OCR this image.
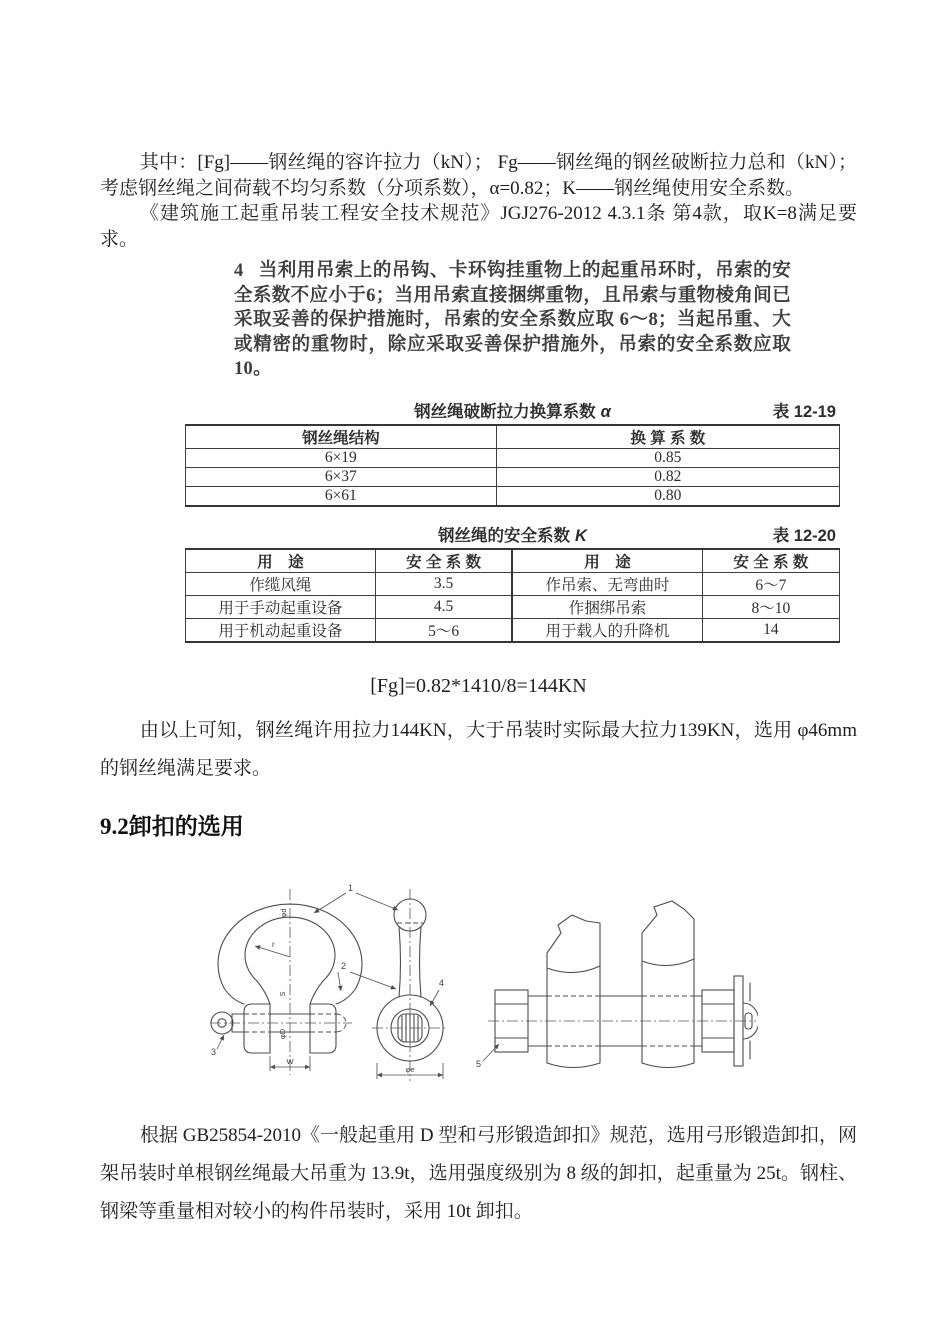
其中：[Fg]——钢丝绳的容许拉力（kN）； Fg——钢丝绳的钢丝破断拉力总和（kN）；考虑钢丝绳之间荷载不均匀系数（分项系数），α=0.82；K——钢丝绳使用安全系数。

《建筑施工起重吊装工程安全技术规范》JGJ276-2012 4.3.1条 第4款，取K=8满足要求。

4 当利用吊索上的吊钩、卡环钩挂重物上的起重吊环时，吊索的安全系数不应小于6；当用吊索直接捆绑重物，且吊索与重物棱角间已采取妥善的保护措施时，吊索的安全系数应取 6～8；当起吊重、大或精密的重物时，除应采取妥善保护措施外，吊索的安全系数应取 10。
钢丝绳破断拉力换算系数 α	表 12-19
钢丝绳结构	换 算 系 数
6×19	0.85
6×37	0.82
6×61	0.80
钢丝绳的安全系数 K	表 12-20
用　途	安 全 系 数	用　途	安 全 系 数
作缆风绳	3.5	作吊索、无弯曲时	6～7
用于手动起重设备	4.5	作捆绑吊索	8～10
用于机动起重设备	5～6	用于载人的升降机	14
[Fg]=0.82*1410/8=144KN

由以上可知，钢丝绳许用拉力144KN，大于吊装时实际最大拉力139KN，选用 φ46mm 的钢丝绳满足要求。

9.2卸扣的选用
r
φd
S
φD
W
φe
1
2
3
4
5

根据 GB25854-2010《一般起重用 D 型和弓形锻造卸扣》规范，选用弓形锻造卸扣，网架吊装时单根钢丝绳最大吊重为 13.9t，选用强度级别为 8 级的卸扣，起重量为 25t。钢柱、钢梁等重量相对较小的构件吊装时，采用 10t 卸扣。
